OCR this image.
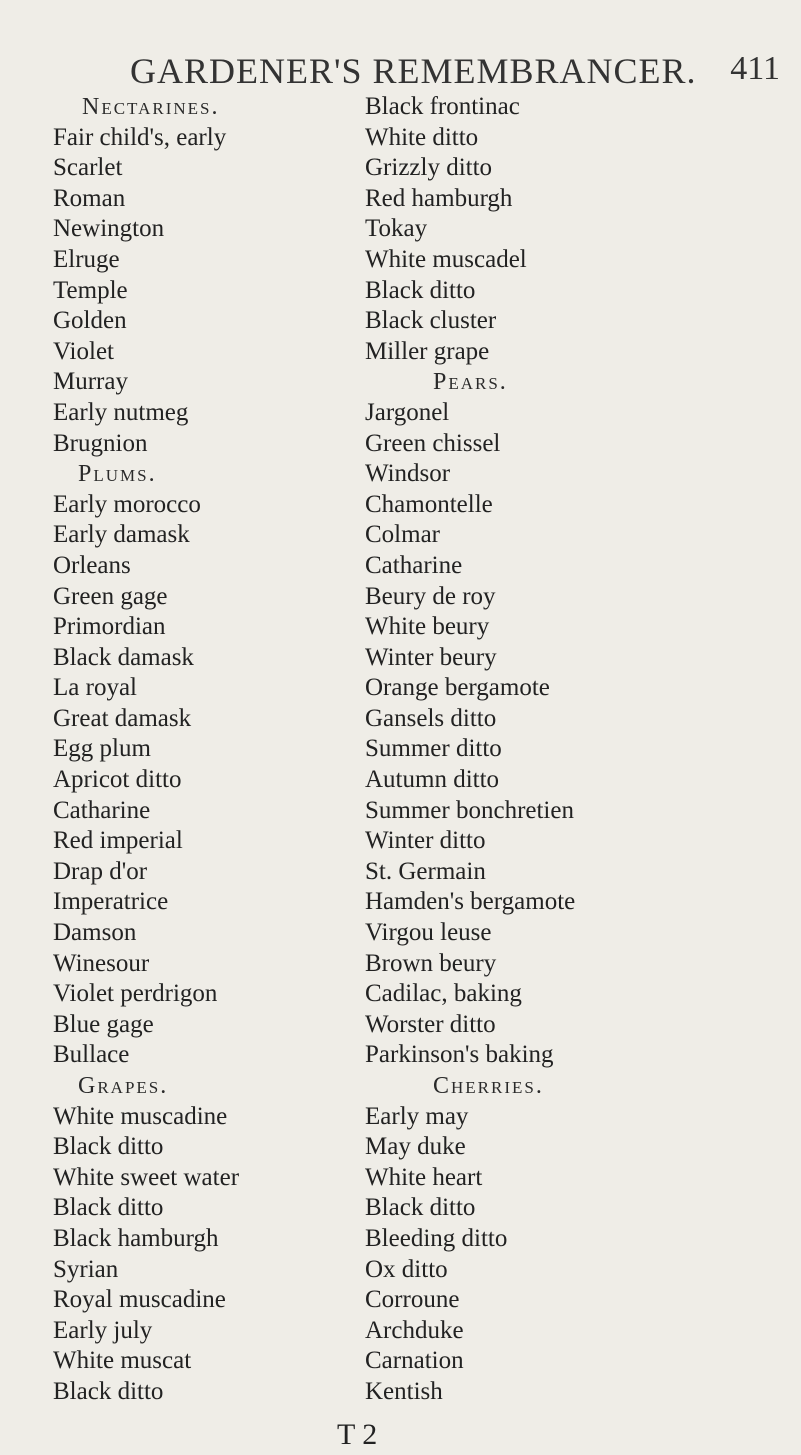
GARDENER'S REMEMBRANCER. 411
Nectarines.
Fair child's, early
Scarlet
Roman
Newington
Elruge
Temple
Golden
Violet
Murray
Early nutmeg
Brugnion
Plums.
Early morocco
Early damask
Orleans
Green gage
Primordian
Black damask
La royal
Great damask
Egg plum
Apricot ditto
Catharine
Red imperial
Drap d'or
Imperatrice
Damson
Winesour
Violet perdrigon
Blue gage
Bullace
Grapes.
White muscadine
Black ditto
White sweet water
Black ditto
Black hamburgh
Syrian
Royal muscadine
Early july
White muscat
Black ditto
Black frontinac
White ditto
Grizzly ditto
Red hamburgh
Tokay
White muscadel
Black ditto
Black cluster
Miller grape
Pears.
Jargonel
Green chissel
Windsor
Chamontelle
Colmar
Catharine
Beury de roy
White beury
Winter beury
Orange bergamote
Gansels ditto
Summer ditto
Autumn ditto
Summer bonchretien
Winter ditto
St. Germain
Hamden's bergamote
Virgou leuse
Brown beury
Cadilac, baking
Worster ditto
Parkinson's baking
Cherries.
Early may
May duke
White heart
Black ditto
Bleeding ditto
Ox ditto
Corroune
Archduke
Carnation
Kentish
T 2
